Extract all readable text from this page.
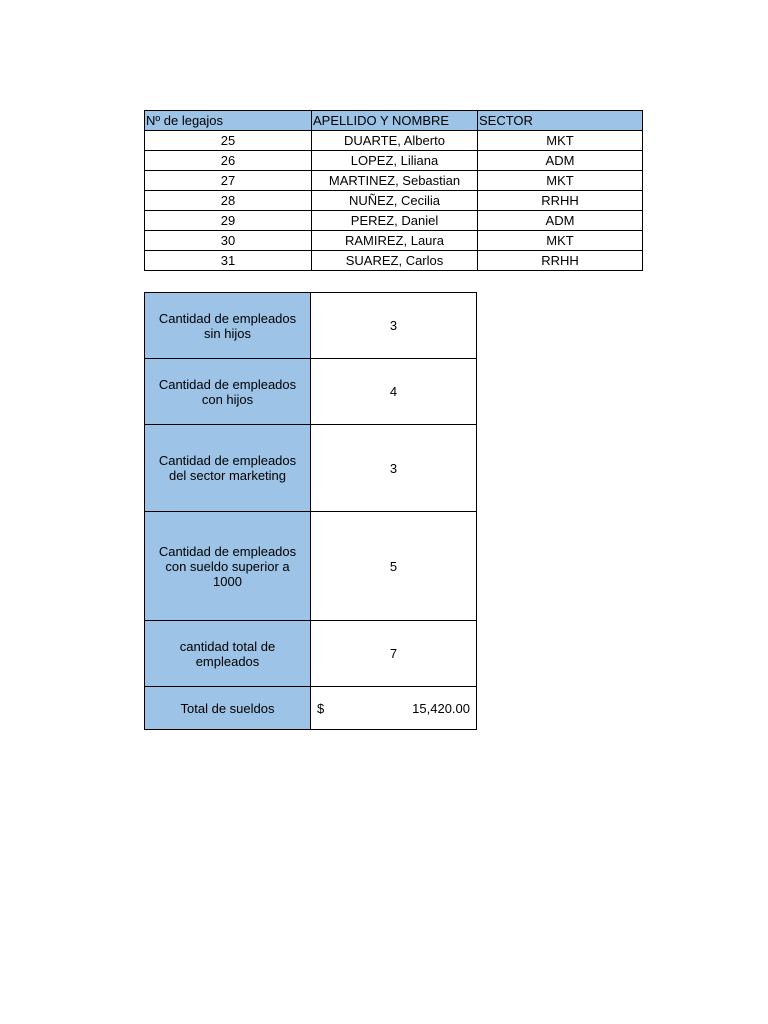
Nº de legajos	APELLIDO Y NOMBRE	SECTOR
25	DUARTE, Alberto	MKT
26	LOPEZ, Liliana	ADM
27	MARTINEZ, Sebastian	MKT
28	NUÑEZ, Cecilia	RRHH
29	PEREZ, Daniel	ADM
30	RAMIREZ, Laura	MKT
31	SUAREZ, Carlos	RRHH
Cantidad de empleados sin hijos	3
Cantidad de empleados con hijos	4
Cantidad de empleados del sector marketing	3
Cantidad de empleados con sueldo superior a 1000	5
cantidad total de empleados	7
Total de sueldos	$ 15,420.00
